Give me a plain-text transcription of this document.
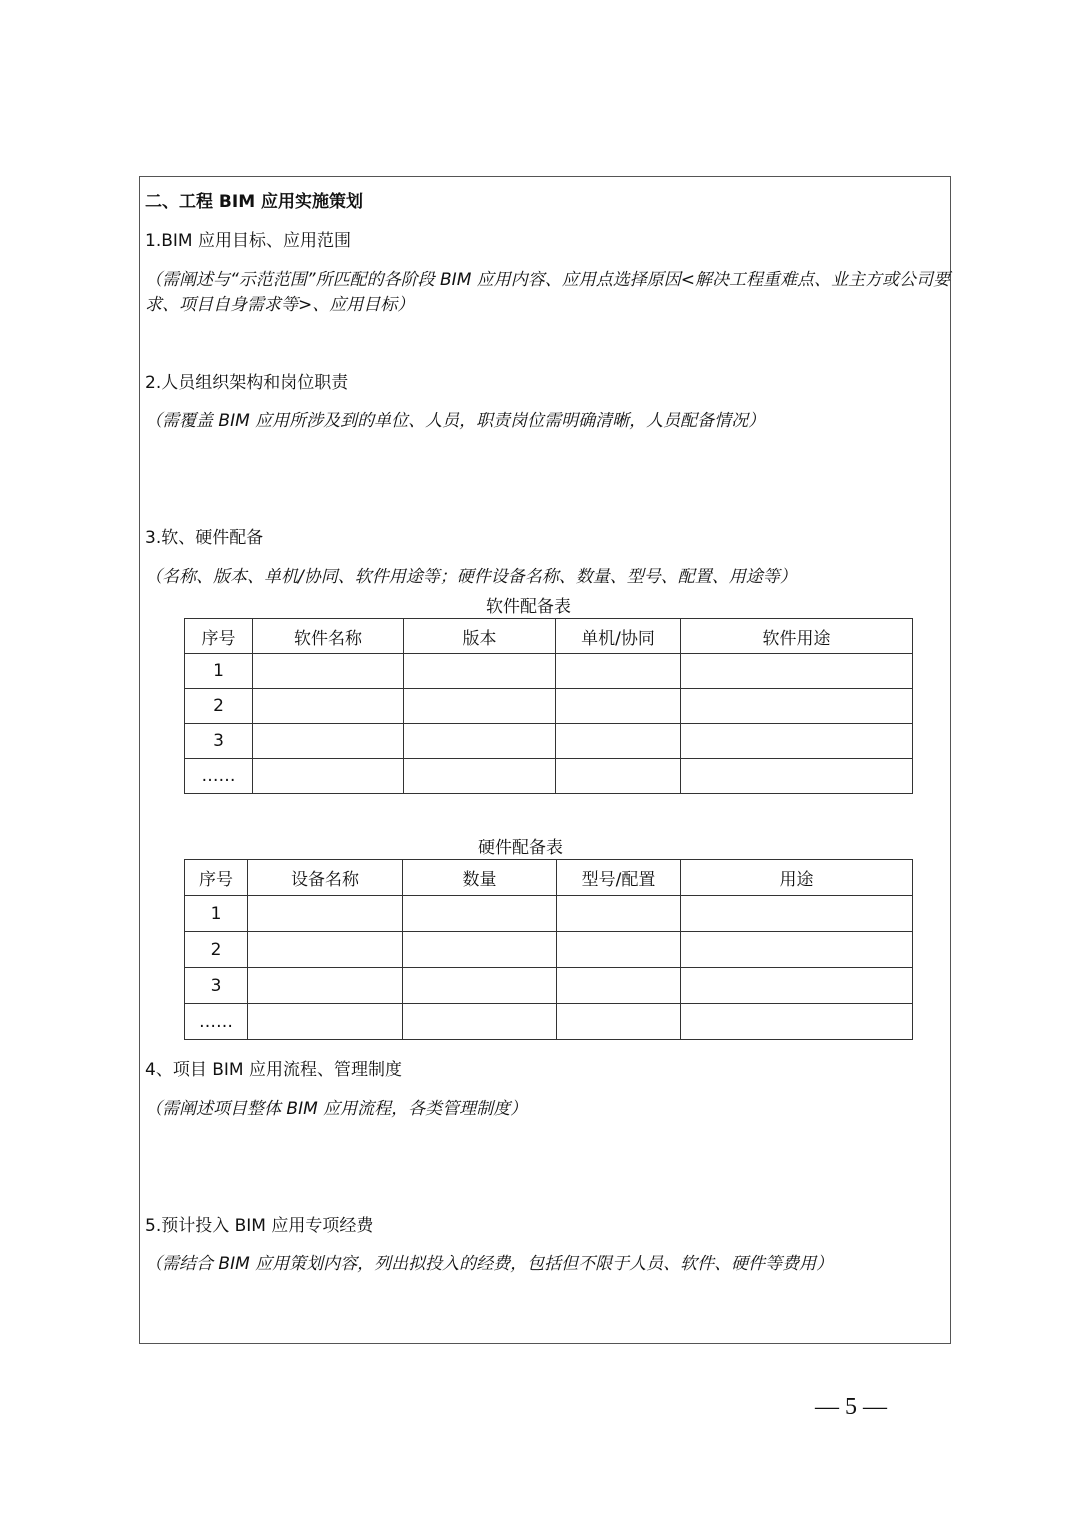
二、工程 BIM 应用实施策划
1.BIM 应用目标、应用范围
（需阐述与“示范范围”所匹配的各阶段 BIM 应用内容、应用点选择原因<解决工程重难点、业主方或公司要求、项目自身需求等>、应用目标）
2.人员组织架构和岗位职责
（需覆盖 BIM 应用所涉及到的单位、人员，职责岗位需明确清晰，人员配备情况）
3.软、硬件配备
（名称、版本、单机/协同、软件用途等；硬件设备名称、数量、型号、配置、用途等）
软件配备表
序号	软件名称	版本	单机/协同	软件用途
1				
2				
3				
……				
硬件配备表
序号	设备名称	数量	型号/配置	用途
1				
2				
3				
……				
4、项目 BIM 应用流程、管理制度
（需阐述项目整体 BIM 应用流程，各类管理制度）
5.预计投入 BIM 应用专项经费
（需结合 BIM 应用策划内容，列出拟投入的经费，包括但不限于人员、软件、硬件等费用）
— 5 —
